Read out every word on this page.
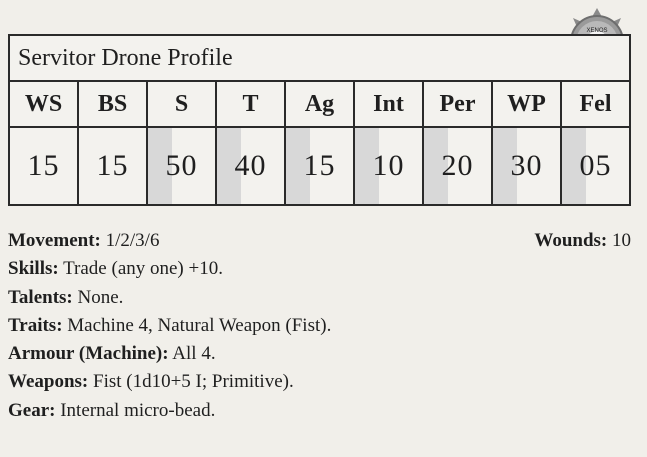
XENOS
Servitor Drone Profile
WS	BS	S	T	Ag	Int	Per	WP	Fel
15 15 50 40 15 10 20 30 05
Movement: 1/2/3/6	Wounds: 10
Skills: Trade (any one) +10.
Talents: None.
Traits: Machine 4, Natural Weapon (Fist).
Armour (Machine): All 4.
Weapons: Fist (1d10+5 I; Primitive).
Gear: Internal micro-bead.
